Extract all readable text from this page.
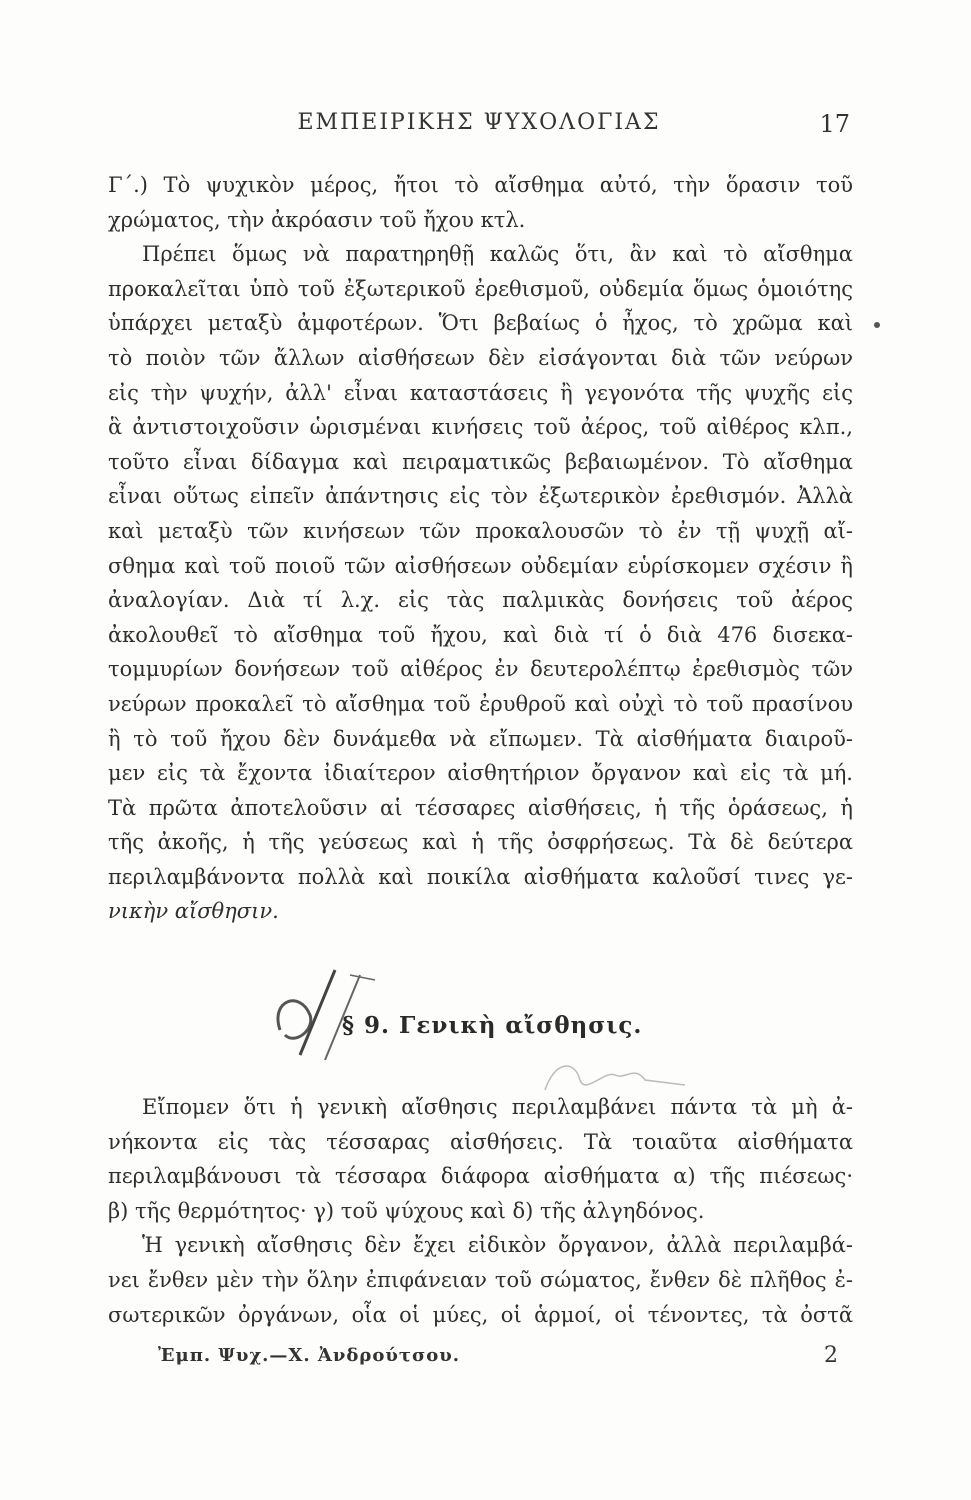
ΕΜΠΕΙΡΙΚΗΣ ΨΥΧΟΛΟΓΙΑΣ	17
Γ΄.) Τὸ ψυχικὸν μέρος, ἤτοι τὸ αἴσθημα αὐτό, τὴν ὅρασιν τοῦ
χρώματος, τὴν ἀκρόασιν τοῦ ἤχου κτλ.
Πρέπει ὅμως νὰ παρατηρηθῇ καλῶς ὅτι, ἂν καὶ τὸ αἴσθημα
προκαλεῖται ὑπὸ τοῦ ἐξωτερικοῦ ἐρεθισμοῦ, οὐδεμία ὅμως ὁμοιότης
ὑπάρχει μεταξὺ ἀμφοτέρων. Ὅτι βεβαίως ὁ ἦχος, τὸ χρῶμα καὶ
τὸ ποιὸν τῶν ἄλλων αἰσθήσεων δὲν εἰσάγονται διὰ τῶν νεύρων
εἰς τὴν ψυχήν, ἀλλ' εἶναι καταστάσεις ἢ γεγονότα τῆς ψυχῆς εἰς
ἃ ἀντιστοιχοῦσιν ὡρισμέναι κινήσεις τοῦ ἀέρος, τοῦ αἰθέρος κλπ.,
τοῦτο εἶναι δίδαγμα καὶ πειραματικῶς βεβαιωμένον. Τὸ αἴσθημα
εἶναι οὕτως εἰπεῖν ἀπάντησις εἰς τὸν ἐξωτερικὸν ἐρεθισμόν. Ἀλλὰ
καὶ μεταξὺ τῶν κινήσεων τῶν προκαλουσῶν τὸ ἐν τῇ ψυχῇ αἴ-
σθημα καὶ τοῦ ποιοῦ τῶν αἰσθήσεων οὐδεμίαν εὑρίσκομεν σχέσιν ἢ
ἀναλογίαν. Διὰ τί λ.χ. εἰς τὰς παλμικὰς δονήσεις τοῦ ἀέρος
ἀκολουθεῖ τὸ αἴσθημα τοῦ ἤχου, καὶ διὰ τί ὁ διὰ 476 δισεκα-
τομμυρίων δονήσεων τοῦ αἰθέρος ἐν δευτερολέπτῳ ἐρεθισμὸς τῶν
νεύρων προκαλεῖ τὸ αἴσθημα τοῦ ἐρυθροῦ καὶ οὐχὶ τὸ τοῦ πρασίνου
ἢ τὸ τοῦ ἤχου δὲν δυνάμεθα νὰ εἴπωμεν. Τὰ αἰσθήματα διαιροῦ-
μεν εἰς τὰ ἔχοντα ἰδιαίτερον αἰσθητήριον ὄργανον καὶ εἰς τὰ μή.
Τὰ πρῶτα ἀποτελοῦσιν αἱ τέσσαρες αἰσθήσεις, ἡ τῆς ὁράσεως, ἡ
τῆς ἀκοῆς, ἡ τῆς γεύσεως καὶ ἡ τῆς ὀσφρήσεως. Τὰ δὲ δεύτερα
περιλαμβάνοντα πολλὰ καὶ ποικίλα αἰσθήματα καλοῦσί τινες γε-
νικὴν αἴσθησιν.
§ 9. Γενικὴ αἴσθησις.
Εἴπομεν ὅτι ἡ γενικὴ αἴσθησις περιλαμβάνει πάντα τὰ μὴ ἀ-
νήκοντα εἰς τὰς τέσσαρας αἰσθήσεις. Τὰ τοιαῦτα αἰσθήματα
περιλαμβάνουσι τὰ τέσσαρα διάφορα αἰσθήματα α) τῆς πιέσεως·
β) τῆς θερμότητος· γ) τοῦ ψύχους καὶ δ) τῆς ἀλγηδόνος.
Ἡ γενικὴ αἴσθησις δὲν ἔχει εἰδικὸν ὄργανον, ἀλλὰ περιλαμβά-
νει ἔνθεν μὲν τὴν ὅλην ἐπιφάνειαν τοῦ σώματος, ἔνθεν δὲ πλῆθος ἐ-
σωτερικῶν ὀργάνων, οἷα οἱ μύες, οἱ ἁρμοί, οἱ τένοντες, τὰ ὀστᾶ
Ἐμπ. Ψυχ.—Χ. Ἀνδρούτσου.	2
